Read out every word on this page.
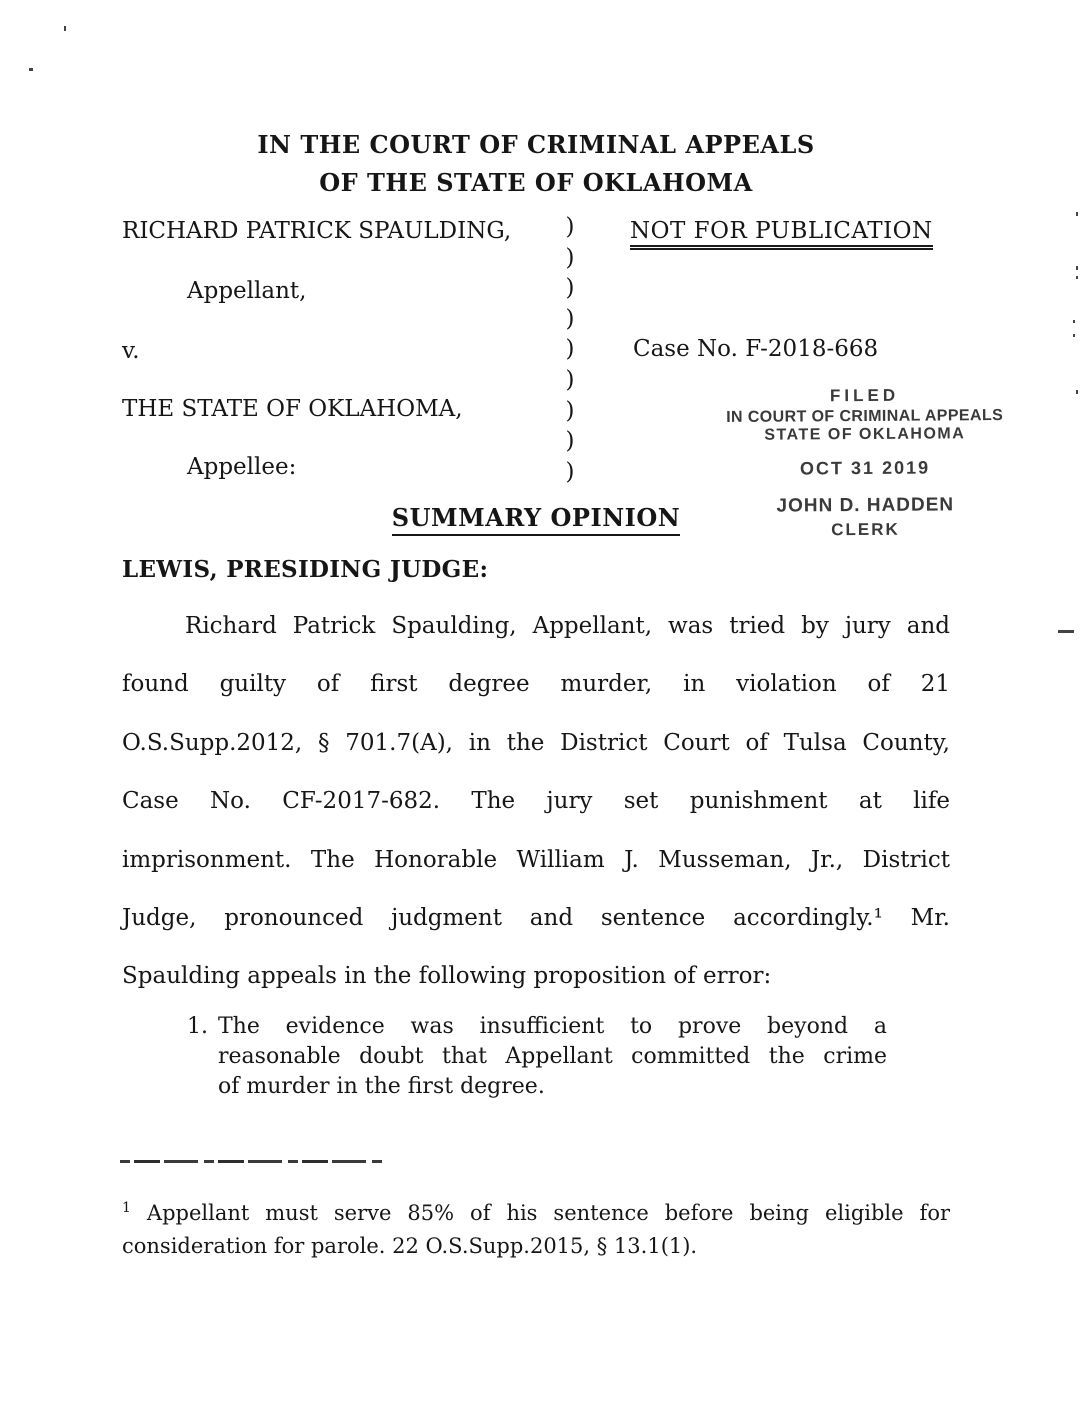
IN THE COURT OF CRIMINAL APPEALS
OF THE STATE OF OKLAHOMA
RICHARD PATRICK SPAULDING,
Appellant,
v.
THE STATE OF OKLAHOMA,
Appellee:
)
)
)
)
)
)
)
)
)
NOT FOR PUBLICATION
Case No. F-2018-668
FILED
IN COURT OF CRIMINAL APPEALS
STATE OF OKLAHOMA
OCT 31 2019
JOHN D. HADDEN
CLERK
SUMMARY OPINION
LEWIS, PRESIDING JUDGE:
Richard Patrick Spaulding, Appellant, was tried by jury and
found guilty of first degree murder, in violation of 21
O.S.Supp.2012, § 701.7(A), in the District Court of Tulsa County,
Case No. CF-2017-682. The jury set punishment at life
imprisonment. The Honorable William J. Musseman, Jr., District
Judge, pronounced judgment and sentence accordingly.¹ Mr.
Spaulding appeals in the following proposition of error:
1. The evidence was insufficient to prove beyond a
reasonable doubt that Appellant committed the crime
of murder in the first degree.
$^1$ Appellant must serve 85% of his sentence before being eligible for
consideration for parole. 22 O.S.Supp.2015, § 13.1(1).
